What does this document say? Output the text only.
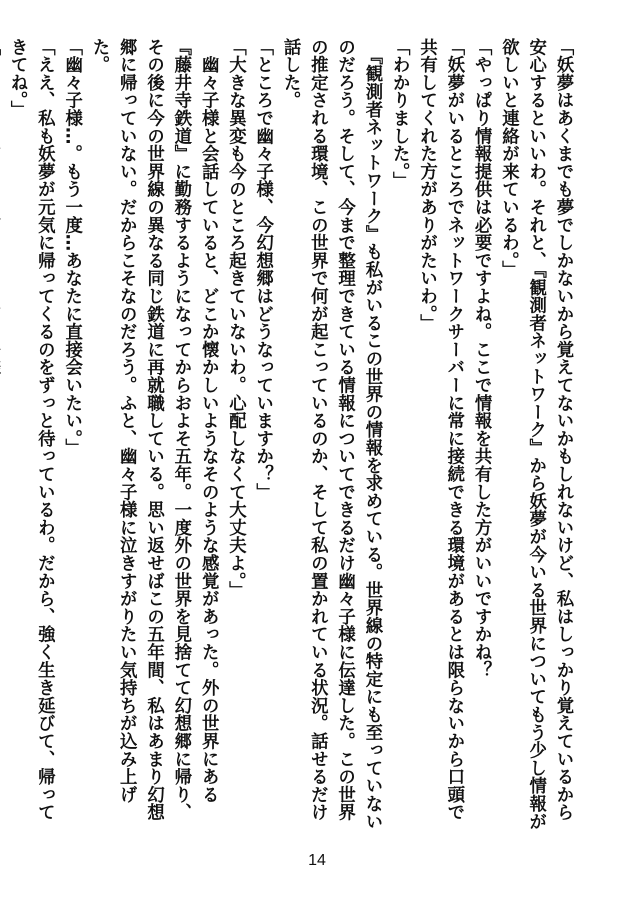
「妖夢はあくまでも夢でしかないから覚えてないかもしれないけど、私はしっかり覚えているから安心するといいわ。それと、『観測者ネットワーク』から妖夢が今いる世界についてもう少し情報が欲しいと連絡が来ているわ。」
「やっぱり情報提供は必要ですよね。ここで情報を共有した方がいいですかね？
「妖夢がいるところでネットワークサーバーに常に接続できる環境があるとは限らないから口頭で共有してくれた方がありがたいわ。」
「わかりました。」
　『観測者ネットワーク』も私がいるこの世界の情報を求めている。世界線の特定にも至っていないのだろう。そして、今まで整理できている情報についてできるだけ幽々子様に伝達した。この世界の推定される環境、この世界で何が起こっているのか、そして私の置かれている状況。話せるだけ話した。
「ところで幽々子様、今幻想郷はどうなっていますか？」
「大きな異変も今のところ起きていないわ。心配しなくて大丈夫よ。」
　幽々子様と会話していると、どこか懐かしいようなそのような感覚があった。外の世界にある『藤井寺鉄道』に勤務するようになってからおよそ五年。一度外の世界を見捨てて幻想郷に帰り、その後に今の世界線の異なる同じ鉄道に再就職している。思い返せばこの五年間、私はあまり幻想郷に帰っていない。だからこそなのだろう。ふと、幽々子様に泣きすがりたい気持ちが込み上げた。
「幽々子様…。もう一度…あなたに直接会いたい。」
「ええ、私も妖夢が元気に帰ってくるのをずっと待っているわ。だから、強く生き延びて、帰ってきてね。」
14
